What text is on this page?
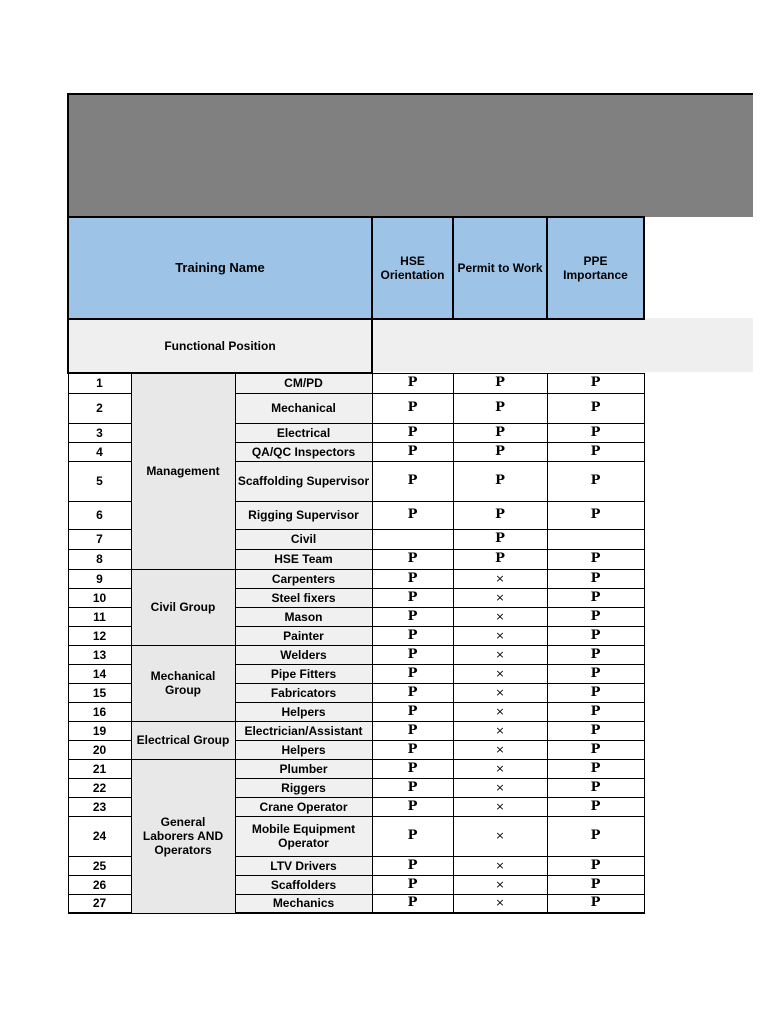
Training Name			HSE Orientation	Permit to Work	PPE Importance
Functional Position					
1	Management	CM/PD	P	P	P
2		Mechanical	P	P	P
3		Electrical	P	P	P
4		QA/QC Inspectors	P	P	P
5		Scaffolding Supervisor	P	P	P
6		Rigging Supervisor	P	P	P
7		Civil		P	
8		HSE Team	P	P	P
9	Civil Group	Carpenters	P	×	P
10		Steel fixers	P	×	P
11		Mason	P	×	P
12		Painter	P	×	P
13	Mechanical Group	Welders	P	×	P
14		Pipe Fitters	P	×	P
15		Fabricators	P	×	P
16		Helpers	P	×	P
19	Electrical Group	Electrician/Assistant	P	×	P
20		Helpers	P	×	P
21	General Laborers AND Operators	Plumber	P	×	P
22		Riggers	P	×	P
23		Crane Operator	P	×	P
24		Mobile Equipment Operator	P	×	P
25		LTV Drivers	P	×	P
26		Scaffolders	P	×	P
27		Mechanics	P	×	P
